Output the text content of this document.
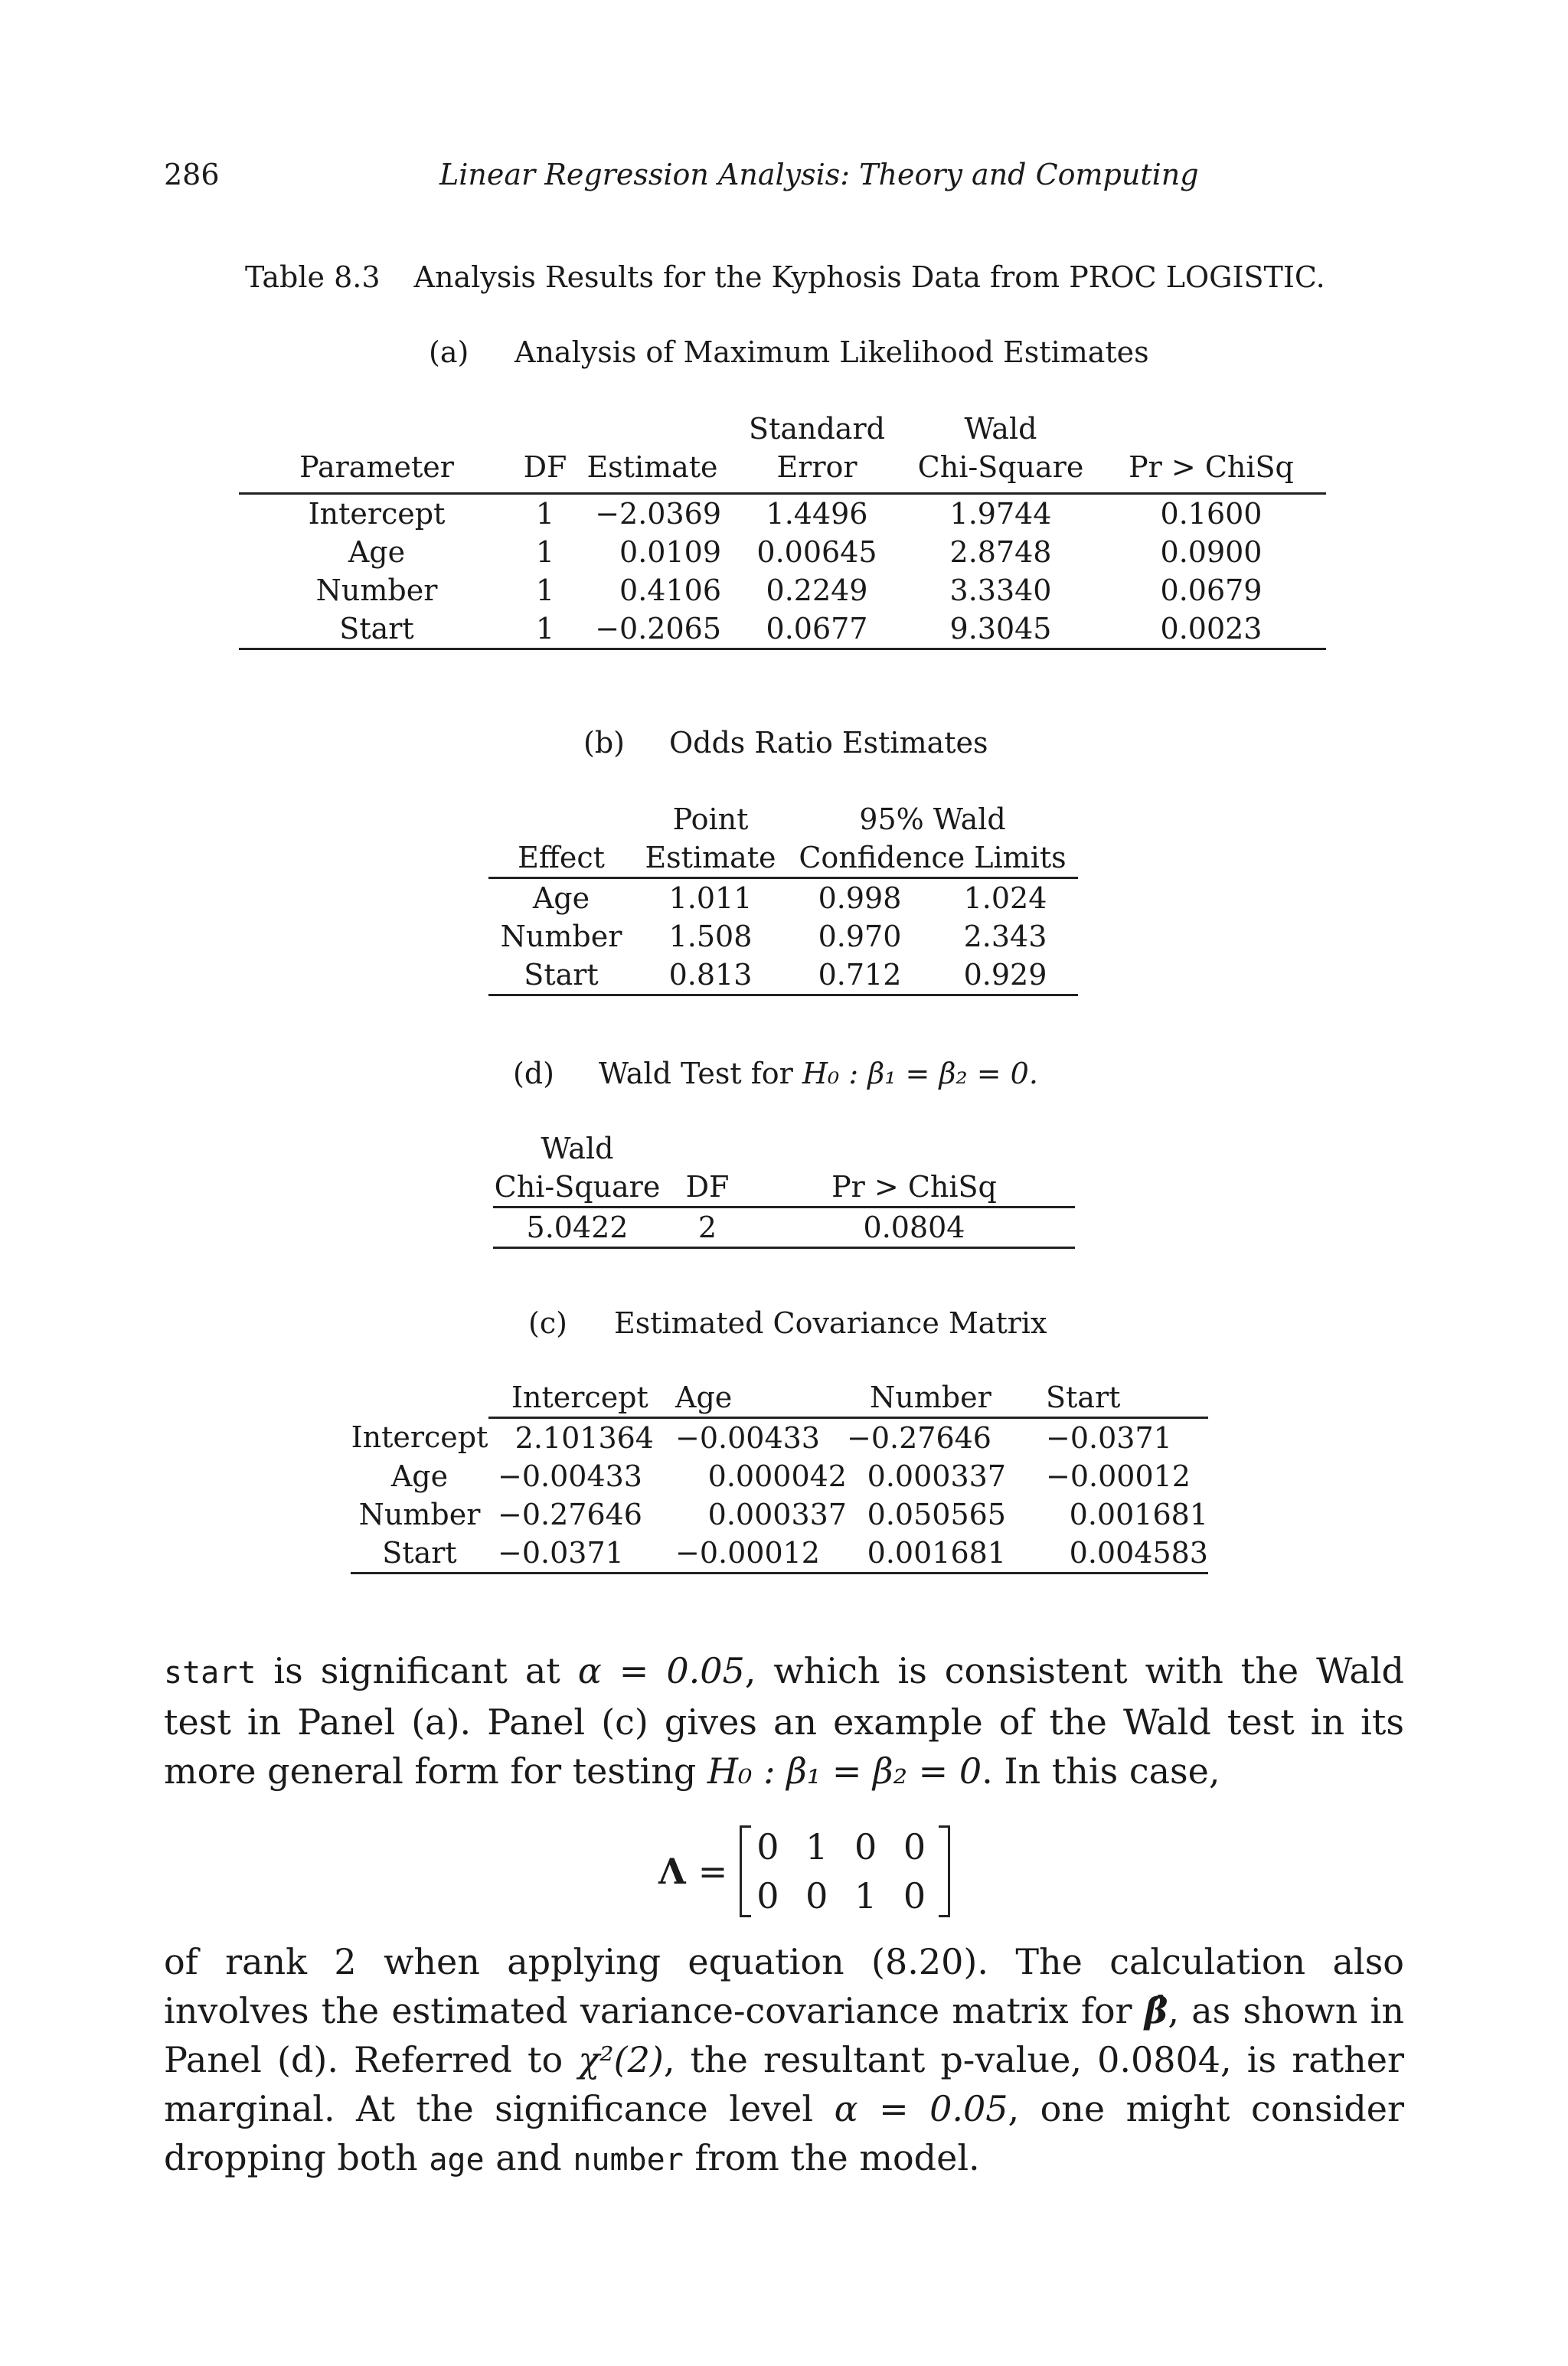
286	Linear Regression Analysis: Theory and Computing
Table 8.3 Analysis Results for the Kyphosis Data from PROC LOGISTIC.
(a) Analysis of Maximum Likelihood Estimates
			Standard	Wald	
Parameter	DF	Estimate	Error	Chi-Square	Pr > ChiSq
Intercept	1	−2.0369	1.4496	1.9744	0.1600
Age	1	0.0109	0.00645	2.8748	0.0900
Number	1	0.4106	0.2249	3.3340	0.0679
Start	1	−0.2065	0.0677	9.3045	0.0023
(b) Odds Ratio Estimates
	Point	95% Wald	
Effect	Estimate	Confidence Limits	
Age	1.011	0.998	1.024
Number	1.508	0.970	2.343
Start	0.813	0.712	0.929
(d) Wald Test for H₀ : β₁ = β₂ = 0.
Wald		
Chi-Square	DF	Pr > ChiSq
5.0422	2	0.0804
(c) Estimated Covariance Matrix
	Intercept	Age	Number	Start
Intercept	2.101364	−0.00433	−0.27646	−0.0371
Age	−0.00433	0.000042	0.000337	−0.00012
Number	−0.27646	0.000337	0.050565	0.001681
Start	−0.0371	−0.00012	0.001681	0.004583
start is significant at α = 0.05, which is consistent with the Wald test in Panel (a). Panel (c) gives an example of the Wald test in its more general form for testing H₀ : β₁ = β₂ = 0. In this case,
Λ =
0 1 0 0
0 0 1 0
of rank 2 when applying equation (8.20). The calculation also involves the estimated variance-covariance matrix for β̂, as shown in Panel (d). Referred to χ²(2), the resultant p-value, 0.0804, is rather marginal. At the significance level α = 0.05, one might consider dropping both age and number from the model.
